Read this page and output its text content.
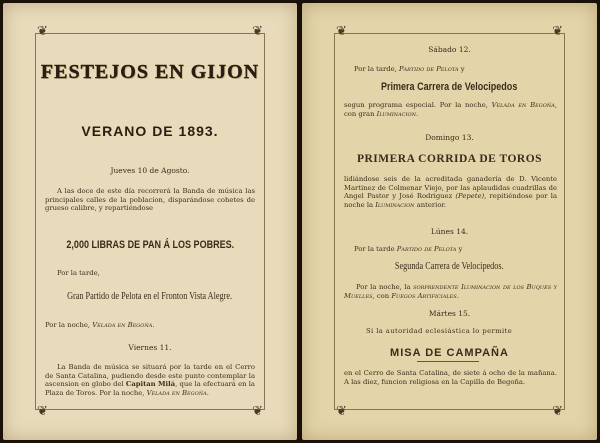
❦	❦
❦	❦
FESTEJOS EN GIJON
VERANO DE 1893.
Jueves 10 de Agosto.
A las doce de este día recorrerá la Banda de música las principales calles de la poblacion, disparándose cohetes de grueso calibre, y repartiéndose
2,000 LIBRAS DE PAN Á LOS POBRES.
Por la tarde,
Gran Partido de Pelota en el Fronton Vista Alegre.
Por la noche, Velada en Begoña.
Viernes 11.
La Banda de música se situará por la tarde en el Cerro de Santa Catalina, pudiendo desde este punto contemplar la ascension en globo del Capitan Milá, que la efectuará en la Plaza de Toros. Por la noche, Velada en Begoña.
❦	❦
❦	❦
Sábado 12.
Por la tarde, Partido de Pelota y
Primera Carrera de Velocipedos
segun programa especial. Por la noche, Velada en Begoña, con gran Iluminacion.
Domingo 13.
PRIMERA CORRIDA DE TOROS
lidiándose seis de la acreditada ganadería de D. Vicente Martinez de Colmenar Viejo, por las aplaudidas cuadrillas de Angel Pastor y José Rodriguez (Pepete), repitiéndose por la noche la Iluminacion anterior.
Lúnes 14.
Por la tarde Partido de Pelota y
Segunda Carrera de Velocipedos.
Por la noche, la sorprendente Iluminacion de los Buques y Muelles, con Fuegos Artificiales.
Mártes 15.
Si la autoridad eclesiástica lo permite
MISA DE CAMPAÑA
en el Cerro de Santa Catalina, de siete á ocho de la mañana. A las diez, funcion religiosa en la Capilla de Begoña.
